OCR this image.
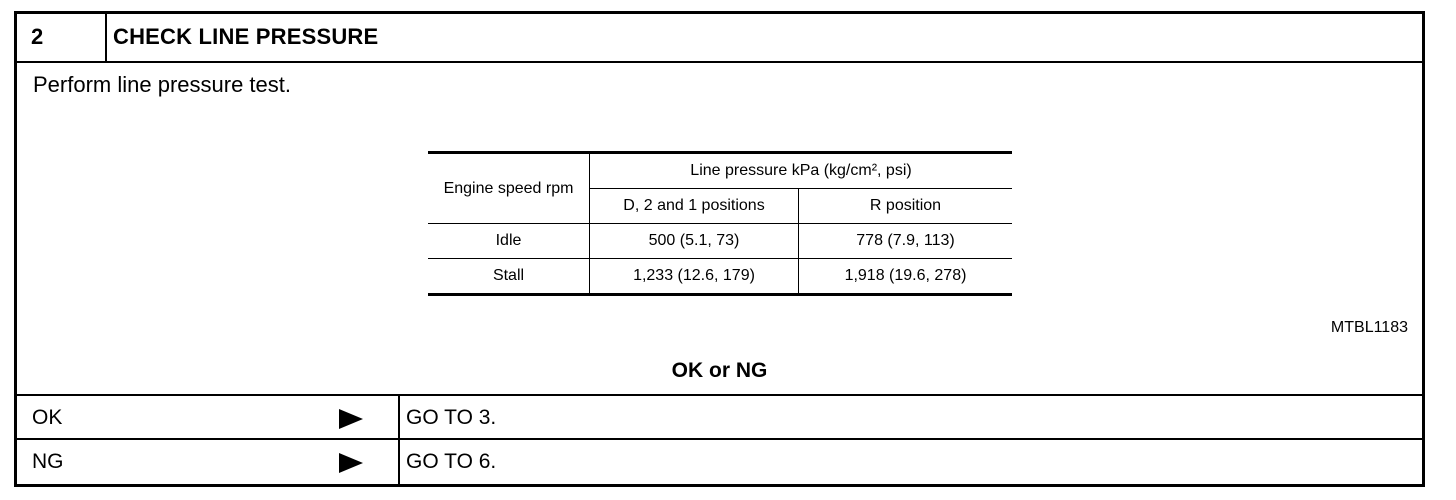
2	CHECK LINE PRESSURE
Perform line pressure test.
Engine speed rpm	Line pressure kPa (kg/cm², psi)	
	D, 2 and 1 positions	R position
Idle	500 (5.1, 73)	778 (7.9, 113)
Stall	1,233 (12.6, 179)	1,918 (19.6, 278)
MTBL1183
OK or NG
OK	GO TO 3.
NG	GO TO 6.
